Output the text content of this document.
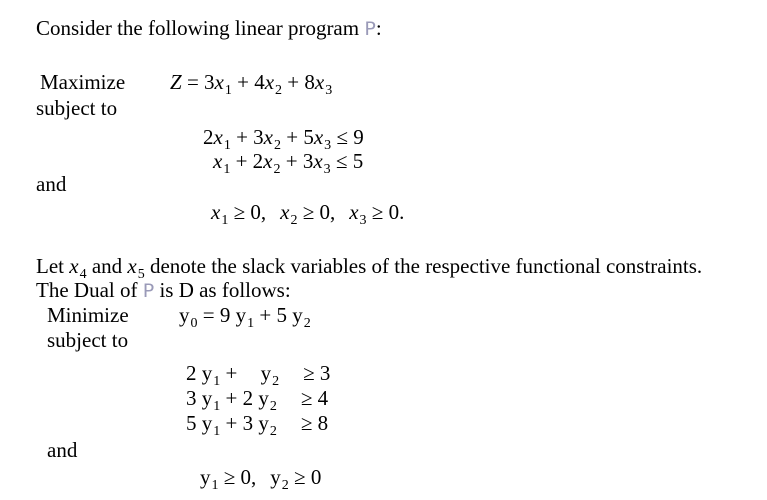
Consider the following linear program P:
Maximize $Z = 3x_1 + 4x_2 + 8x_3$
subject to
$2x_1 + 3x_2 + 5x_3 \le 9$
$x_1 + 2x_2 + 3x_3 \le 5$
and
$x_1 \ge 0$, $x_2 \ge 0$, $x_3 \ge 0$.
Let $x_4$ and $x_5$ denote the slack variables of the respective functional constraints.
The Dual of P is D as follows:
Minimize $y_0 = 9$ $y_1 + 5$ $y_2$
subject to
2 $y_1 + y_2 \ge 3$
3 $y_1 + 2$ $y_2 \ge 4$
5 $y_1 + 3$ $y_2 \ge 8$
and
$y_1 \ge 0$, $y_2 \ge 0$
